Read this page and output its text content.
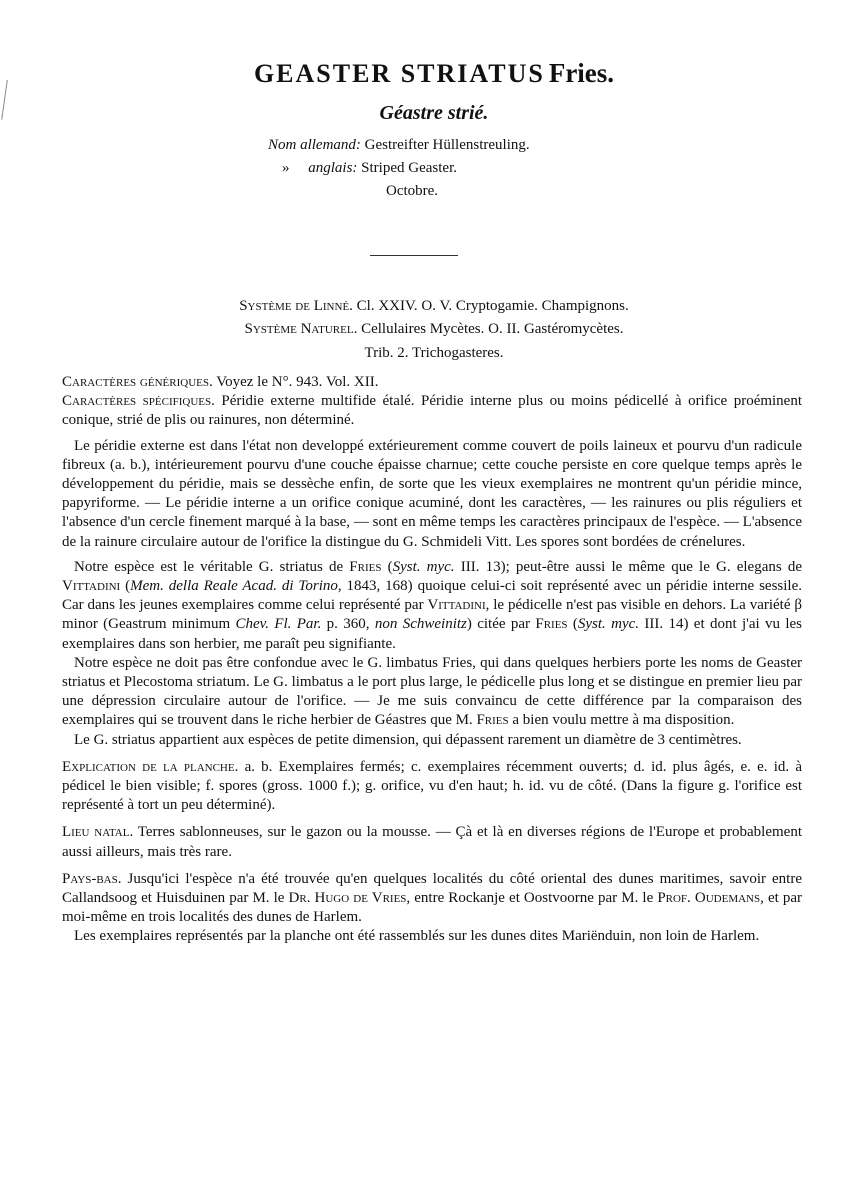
GEASTER STRIATUS Fries.
Géastre strié.
Nom allemand: Gestreifter Hüllenstreuling.
» anglais: Striped Geaster.
Octobre.
Système de Linné. Cl. XXIV. O. V. Cryptogamie. Champignons.
Système Naturel. Cellulaires Mycètes. O. II. Gastéromycètes.
Trib. 2. Trichogasteres.

Caractères génériques. Voyez le N°. 943. Vol. XII.

Caractères spécifiques. Péridie externe multifide étalé. Péridie interne plus ou moins pédicellé à orifice proéminent conique, strié de plis ou rainures, non déterminé.

Le péridie externe est dans l'état non developpé extérieurement comme couvert de poils laineux et pourvu d'un radicule fibreux (a. b.), intérieurement pourvu d'une couche épaisse charnue; cette couche persiste en core quelque temps après le développement du péridie, mais se dessèche enfin, de sorte que les vieux exemplaires ne montrent qu'un péridie mince, papyriforme. — Le péridie interne a un orifice conique acuminé, dont les caractères, — les rainures ou plis réguliers et l'absence d'un cercle finement marqué à la base, — sont en même temps les caractères principaux de l'espèce. — L'absence de la rainure circulaire autour de l'orifice la distingue du G. Schmideli Vitt. Les spores sont bordées de crénelures.

Notre espèce est le véritable G. striatus de Fries (Syst. myc. III. 13); peut-être aussi le même que le G. elegans de Vittadini (Mem. della Reale Acad. di Torino, 1843, 168) quoique celui-ci soit représenté avec un péridie interne sessile. Car dans les jeunes exemplaires comme celui représenté par Vittadini, le pédicelle n'est pas visible en dehors. La variété β minor (Geastrum minimum Chev. Fl. Par. p. 360, non Schweinitz) citée par Fries (Syst. myc. III. 14) et dont j'ai vu les exemplaires dans son herbier, me paraît peu signifiante.

Notre espèce ne doit pas être confondue avec le G. limbatus Fries, qui dans quelques herbiers porte les noms de Geaster striatus et Plecostoma striatum. Le G. limbatus a le port plus large, le pédicelle plus long et se distingue en premier lieu par une dépression circulaire autour de l'orifice. — Je me suis convaincu de cette différence par la comparaison des exemplaires qui se trouvent dans le riche herbier de Géastres que M. Fries a bien voulu mettre à ma disposition.

Le G. striatus appartient aux espèces de petite dimension, qui dépassent rarement un diamètre de 3 centimètres.

Explication de la planche. a. b. Exemplaires fermés; c. exemplaires récemment ouverts; d. id. plus âgés, e. e. id. à pédicel le bien visible; f. spores (gross. 1000 f.); g. orifice, vu d'en haut; h. id. vu de côté. (Dans la figure g. l'orifice est représenté à tort un peu déterminé).

Lieu natal. Terres sablonneuses, sur le gazon ou la mousse. — Çà et là en diverses régions de l'Europe et probablement aussi ailleurs, mais très rare.

Pays-bas. Jusqu'ici l'espèce n'a été trouvée qu'en quelques localités du côté oriental des dunes maritimes, savoir entre Callandsoog et Huisduinen par M. le Dr. Hugo de Vries, entre Rockanje et Oostvoorne par M. le Prof. Oudemans, et par moi-même en trois localités des dunes de Harlem.

Les exemplaires représentés par la planche ont été rassemblés sur les dunes dites Mariënduin, non loin de Harlem.
